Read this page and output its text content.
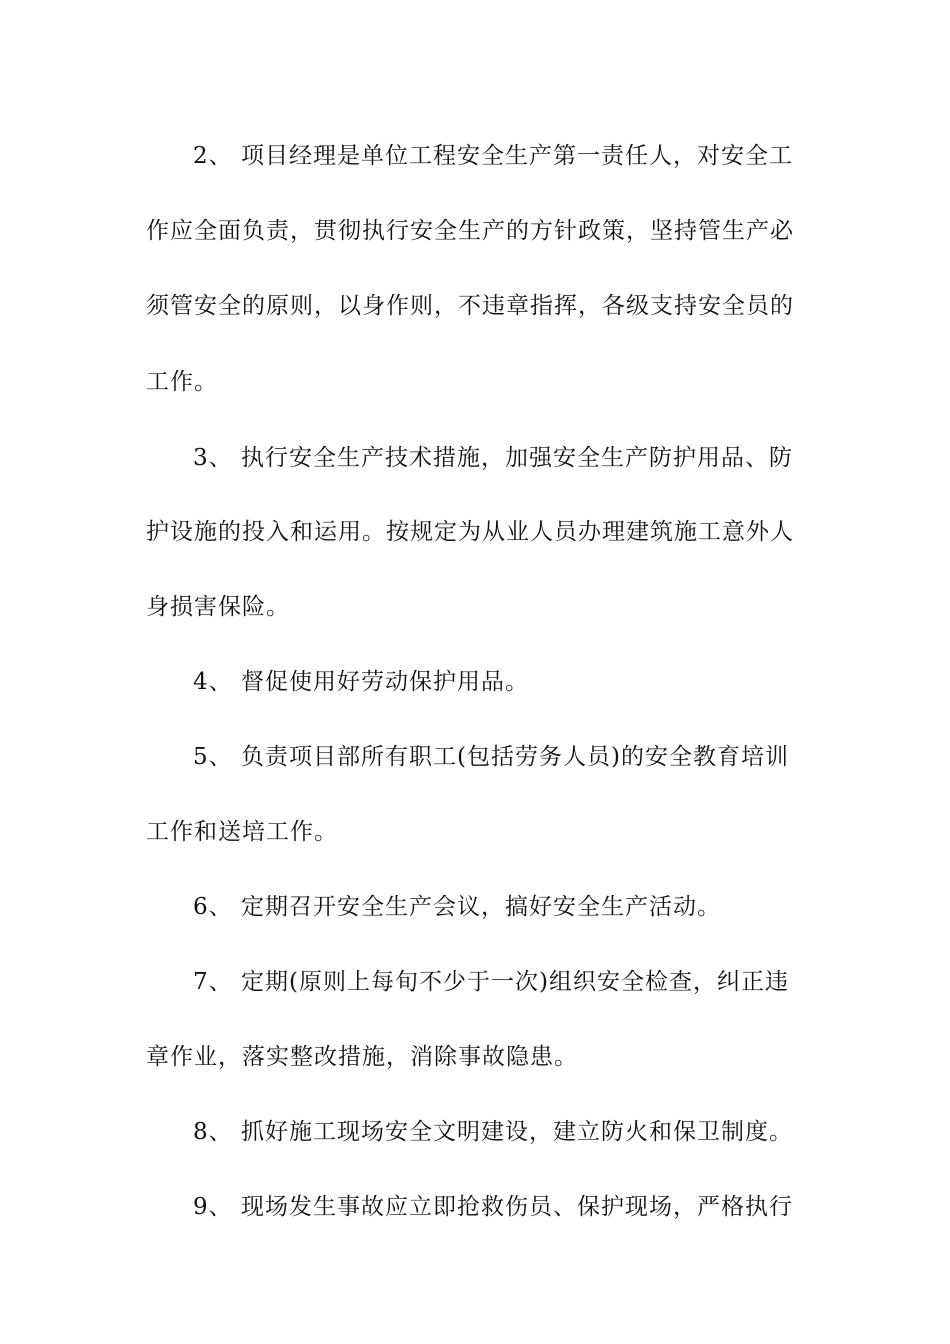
2、 项目经理是单位工程安全生产第一责任人，对安全工
作应全面负责，贯彻执行安全生产的方针政策，坚持管生产必
须管安全的原则，以身作则，不违章指挥，各级支持安全员的
工作。
3、 执行安全生产技术措施，加强安全生产防护用品、防
护设施的投入和运用。按规定为从业人员办理建筑施工意外人
身损害保险。
4、 督促使用好劳动保护用品。
5、 负责项目部所有职工(包括劳务人员)的安全教育培训
工作和送培工作。
6、 定期召开安全生产会议，搞好安全生产活动。
7、 定期(原则上每旬不少于一次)组织安全检查，纠正违
章作业，落实整改措施，消除事故隐患。
8、 抓好施工现场安全文明建设，建立防火和保卫制度。
9、 现场发生事故应立即抢救伤员、保护现场，严格执行
